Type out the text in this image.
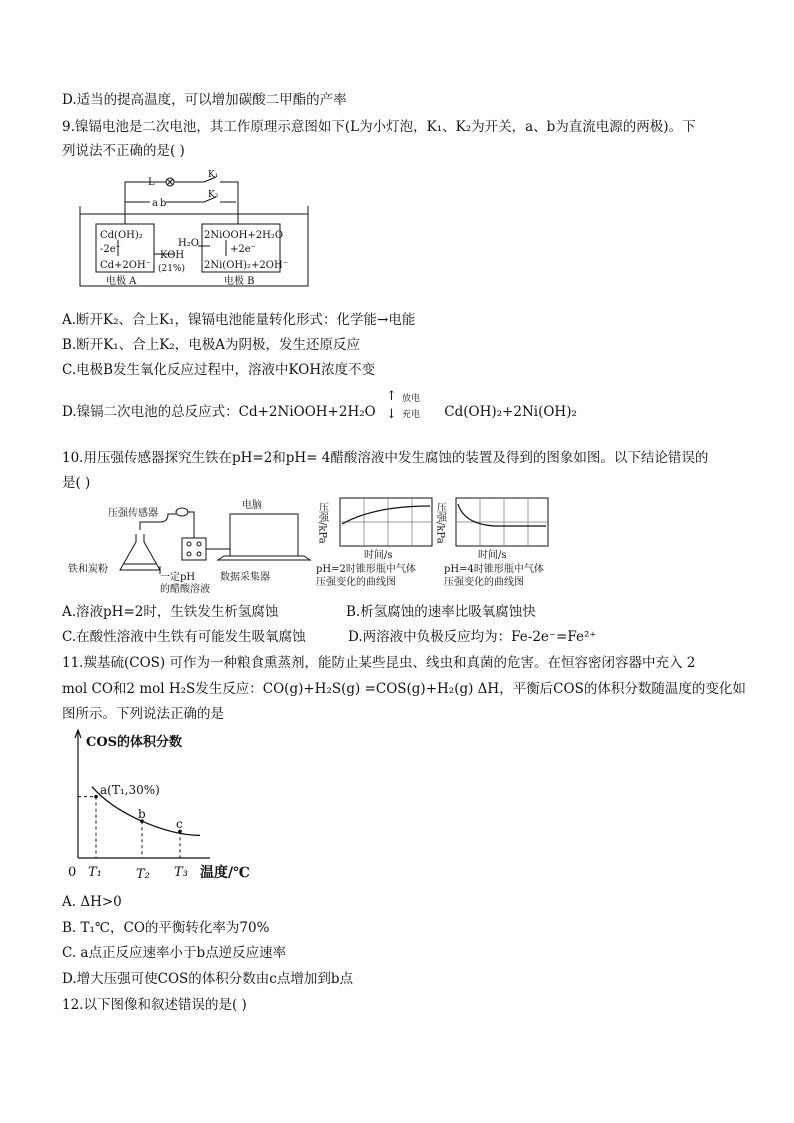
D.适当的提高温度，可以增加碳酸二甲酯的产率
9.镍镉电池是二次电池，其工作原理示意图如下(L为小灯泡，K₁、K₂为开关，a、b为直流电源的两极)。下
列说法不正确的是( )
L
K₁
K₂
a b
Cd(OH)₂
-2e⁻
Cd+2OH⁻
KOH
(21%)
H₂O
2NiOOH+2H₂O
+2e⁻
2Ni(OH)₂+2OH⁻
电极 A	电极 B
A.断开K₂、合上K₁，镍镉电池能量转化形式：化学能→电能
B.断开K₁、合上K₂，电极A为阴极，发生还原反应
C.电极B发生氧化反应过程中，溶液中KOH浓度不变
D.镍镉二次电池的总反应式：Cd+2NiOOH+2H₂O
↑
↓
放电
充电 Cd(OH)₂+2Ni(OH)₂
10.用压强传感器探究生铁在pH=2和pH= 4醋酸溶液中发生腐蚀的装置及得到的图象如图。以下结论错误的
是( )
压强传感器
电脑
铁和炭粉
一定pH
的醋酸溶液
数据采集器
压强/kPa
时间/s
pH=2时锥形瓶中气体
压强变化的曲线图
压强/kPa
时间/s
pH=4时锥形瓶中气体
压强变化的曲线图
A.溶液pH=2时，生铁发生析氢腐蚀	B.析氢腐蚀的速率比吸氧腐蚀快
C.在酸性溶液中生铁有可能发生吸氧腐蚀	D.两溶液中负极反应均为：Fe-2e⁻=Fe²⁺
11.羰基硫(COS) 可作为一种粮食熏蒸剂，能防止某些昆虫、线虫和真菌的危害。在恒容密闭容器中充入 2
mol CO和2 mol H₂S发生反应：CO(g)+H₂S(g) =COS(g)+H₂(g) ΔH，平衡后COS的体积分数随温度的变化如
图所示。下列说法正确的是
COS的体积分数
a(T₁,30%)
b
c
0 T₁	T₂ T₃ 温度/℃
A. ΔH>0
B. T₁℃，CO的平衡转化率为70%
C. a点正反应速率小于b点逆反应速率
D.增大压强可使COS的体积分数由c点增加到b点
12.以下图像和叙述错误的是( )
